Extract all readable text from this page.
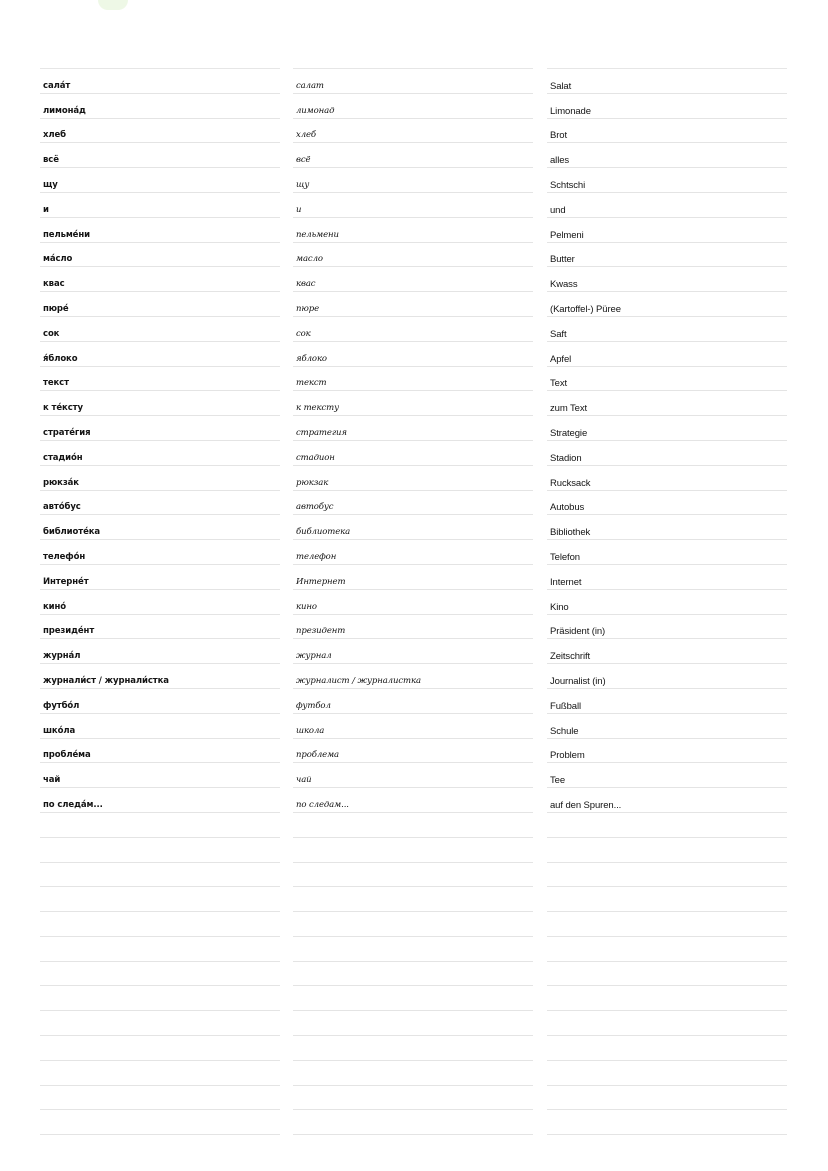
сала́т
лимона́д
хлеб
всё
щу
и
пельме́ни
ма́сло
квас
пюре́
сок
я́блоко
текст
к те́ксту
страте́гия
стадио́н
рюкза́к
авто́бус
библиоте́ка
телефо́н
Интерне́т
кино́
президе́нт
журна́л
журнали́ст / журнали́стка
футбо́л
шко́ла
пробле́ма
чай
по следа́м...
салат
лимонад
хлеб
всё
щу
и
пельмени
масло
квас
пюре
сок
яблоко
текст
к тексту
стратегия
стадион
рюкзак
автобус
библиотека
телефон
Интернет
кино
президент
журнал
журналист / журналистка
футбол
школа
проблема
чай
по следам...
Salat
Limonade
Brot
alles
Schtschi
und
Pelmeni
Butter
Kwass
(Kartoffel-) Püree
Saft
Apfel
Text
zum Text
Strategie
Stadion
Rucksack
Autobus
Bibliothek
Telefon
Internet
Kino
Präsident (in)
Zeitschrift
Journalist (in)
Fußball
Schule
Problem
Tee
auf den Spuren...
